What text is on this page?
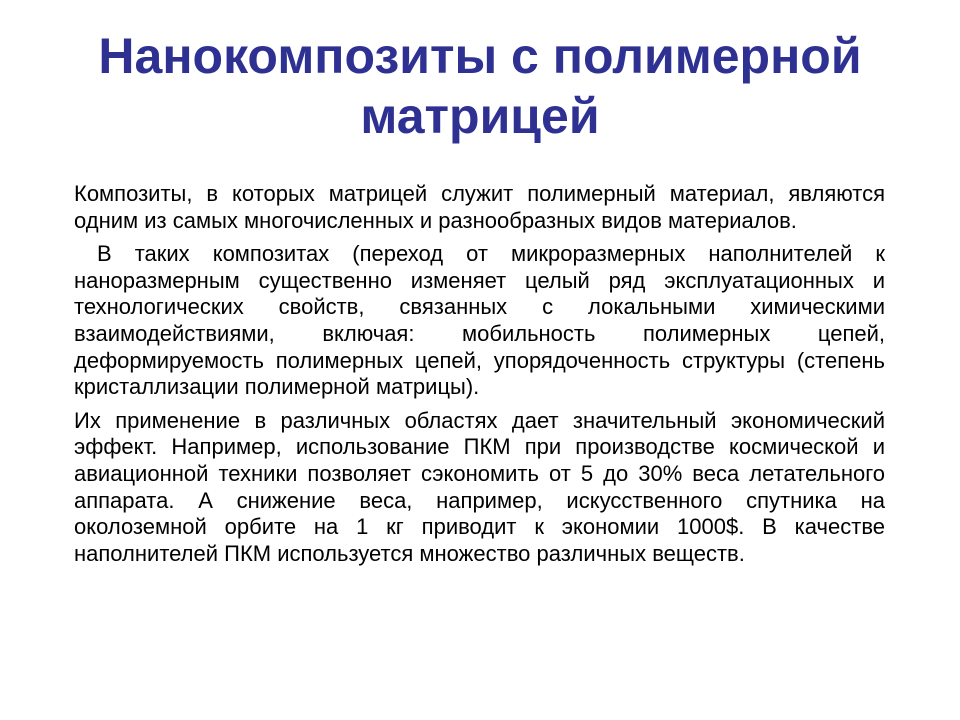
Нанокомпозиты с полимерной матрицей

Композиты, в которых матрицей служит полимерный материал, являются одним из самых многочисленных и разнообразных видов материалов.

В таких композитах (переход от микроразмерных наполнителей к наноразмерным существенно изменяет целый ряд эксплуатационных и технологических свойств, связанных с локальными химическими взаимодействиями, включая: мобильность полимерных цепей, деформируемость полимерных цепей, упорядоченность структуры (степень кристаллизации полимерной матрицы).

Их применение в различных областях дает значительный экономический эффект. Например, использование ПКМ при производстве космической и авиационной техники позволяет сэкономить от 5 до 30% веса летательного аппарата. А снижение веса, например, искусственного спутника на околоземной орбите на 1 кг приводит к экономии 1000$. В качестве наполнителей ПКМ используется множество различных веществ.
